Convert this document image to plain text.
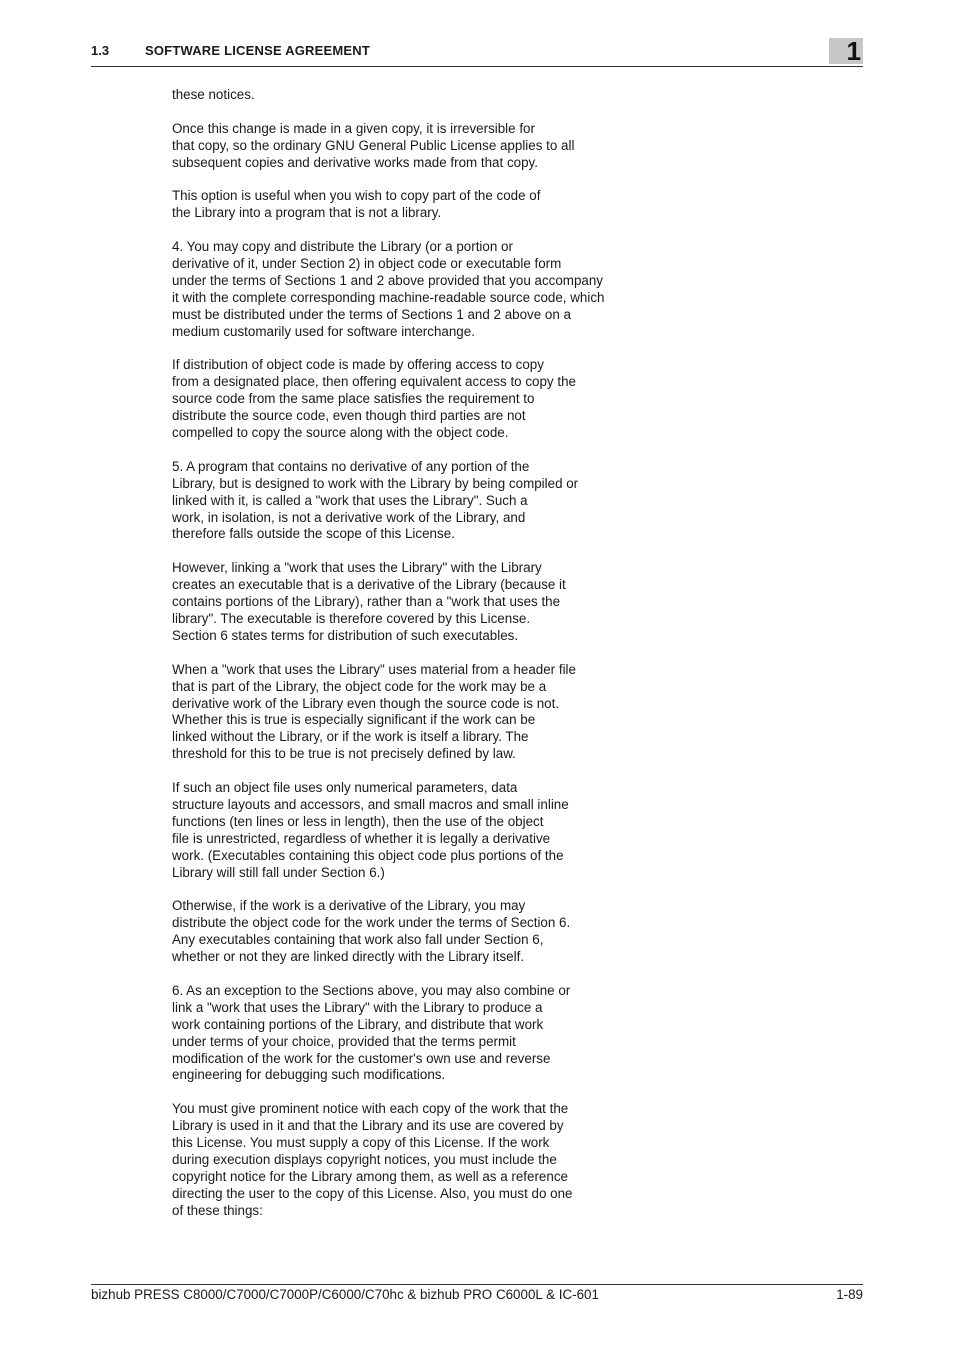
1.3	SOFTWARE LICENSE AGREEMENT	1

these notices.

Once this change is made in a given copy, it is irreversible for
that copy, so the ordinary GNU General Public License applies to all
subsequent copies and derivative works made from that copy.

This option is useful when you wish to copy part of the code of
the Library into a program that is not a library.

4. You may copy and distribute the Library (or a portion or
derivative of it, under Section 2) in object code or executable form
under the terms of Sections 1 and 2 above provided that you accompany
it with the complete corresponding machine-readable source code, which
must be distributed under the terms of Sections 1 and 2 above on a
medium customarily used for software interchange.

If distribution of object code is made by offering access to copy
from a designated place, then offering equivalent access to copy the
source code from the same place satisfies the requirement to
distribute the source code, even though third parties are not
compelled to copy the source along with the object code.

5. A program that contains no derivative of any portion of the
Library, but is designed to work with the Library by being compiled or
linked with it, is called a "work that uses the Library". Such a
work, in isolation, is not a derivative work of the Library, and
therefore falls outside the scope of this License.

However, linking a "work that uses the Library" with the Library
creates an executable that is a derivative of the Library (because it
contains portions of the Library), rather than a "work that uses the
library". The executable is therefore covered by this License.
Section 6 states terms for distribution of such executables.

When a "work that uses the Library" uses material from a header file
that is part of the Library, the object code for the work may be a
derivative work of the Library even though the source code is not.
Whether this is true is especially significant if the work can be
linked without the Library, or if the work is itself a library. The
threshold for this to be true is not precisely defined by law.

If such an object file uses only numerical parameters, data
structure layouts and accessors, and small macros and small inline
functions (ten lines or less in length), then the use of the object
file is unrestricted, regardless of whether it is legally a derivative
work. (Executables containing this object code plus portions of the
Library will still fall under Section 6.)

Otherwise, if the work is a derivative of the Library, you may
distribute the object code for the work under the terms of Section 6.
Any executables containing that work also fall under Section 6,
whether or not they are linked directly with the Library itself.

6. As an exception to the Sections above, you may also combine or
link a "work that uses the Library" with the Library to produce a
work containing portions of the Library, and distribute that work
under terms of your choice, provided that the terms permit
modification of the work for the customer's own use and reverse
engineering for debugging such modifications.

You must give prominent notice with each copy of the work that the
Library is used in it and that the Library and its use are covered by
this License. You must supply a copy of this License. If the work
during execution displays copyright notices, you must include the
copyright notice for the Library among them, as well as a reference
directing the user to the copy of this License. Also, you must do one
of these things:

bizhub PRESS C8000/C7000/C7000P/C6000/C70hc & bizhub PRO C6000L & IC-601	1-89
